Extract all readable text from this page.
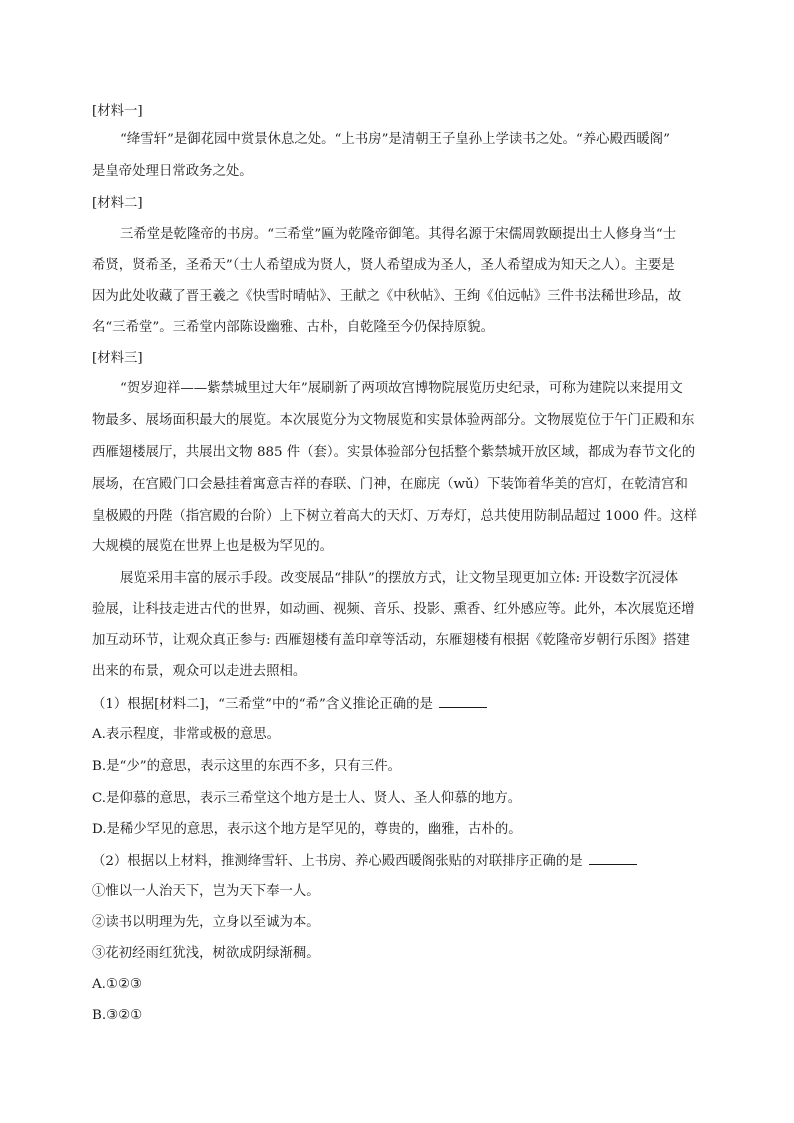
[材料一]
“绛雪轩”是御花园中赏景休息之处。“上书房”是清朝王子皇孙上学读书之处。“养心殿西暖阁”
是皇帝处理日常政务之处。
[材料二]
三希堂是乾隆帝的书房。“三希堂”匾为乾隆帝御笔。其得名源于宋儒周敦颐提出士人修身当“士
希贤，贤希圣，圣希天”（士人希望成为贤人，贤人希望成为圣人，圣人希望成为知天之人）。主要是
因为此处收藏了晋王羲之《快雪时晴帖》、王献之《中秋帖》、王绚《伯远帖》三件书法稀世珍品，故
名“三希堂”。三希堂内部陈设幽雅、古朴，自乾隆至今仍保持原貌。
[材料三]
“贺岁迎祥——紫禁城里过大年”展刷新了两项故宫博物院展览历史纪录，可称为建院以来提用文
物最多、展场面积最大的展览。本次展览分为文物展览和实景体验两部分。文物展览位于午门正殿和东
西雁翅楼展厅，共展出文物 885 件（套）。实景体验部分包括整个紫禁城开放区域，都成为春节文化的
展场，在宫殿门口会悬挂着寓意吉祥的春联、门神，在廊庑（wǔ）下装饰着华美的宫灯，在乾清宫和
皇极殿的丹陛（指宫殿的台阶）上下树立着高大的天灯、万寿灯，总共使用防制品超过 1000 件。这样
大规模的展览在世界上也是极为罕见的。
展览采用丰富的展示手段。改变展品“排队”的摆放方式，让文物呈现更加立体: 开设数字沉浸体
验展，让科技走进古代的世界，如动画、视频、音乐、投影、熏香、红外感应等。此外，本次展览还增
加互动环节，让观众真正参与: 西雁翅楼有盖印章等活动，东雁翅楼有根据《乾隆帝岁朝行乐图》搭建
出来的布景，观众可以走进去照相。
（1）根据[材料二]，“三希堂”中的“希”含义推论正确的是
A.表示程度，非常或极的意思。
B.是“少”的意思，表示这里的东西不多，只有三件。
C.是仰慕的意思，表示三希堂这个地方是士人、贤人、圣人仰慕的地方。
D.是稀少罕见的意思，表示这个地方是罕见的，尊贵的，幽雅，古朴的。
（2）根据以上材料，推测绛雪轩、上书房、养心殿西暖阁张贴的对联排序正确的是
①惟以一人治天下，岂为天下奉一人。
②读书以明理为先，立身以至诚为本。
③花初经雨红犹浅，树欲成阴绿渐稠。
A.①②③
B.③②①
